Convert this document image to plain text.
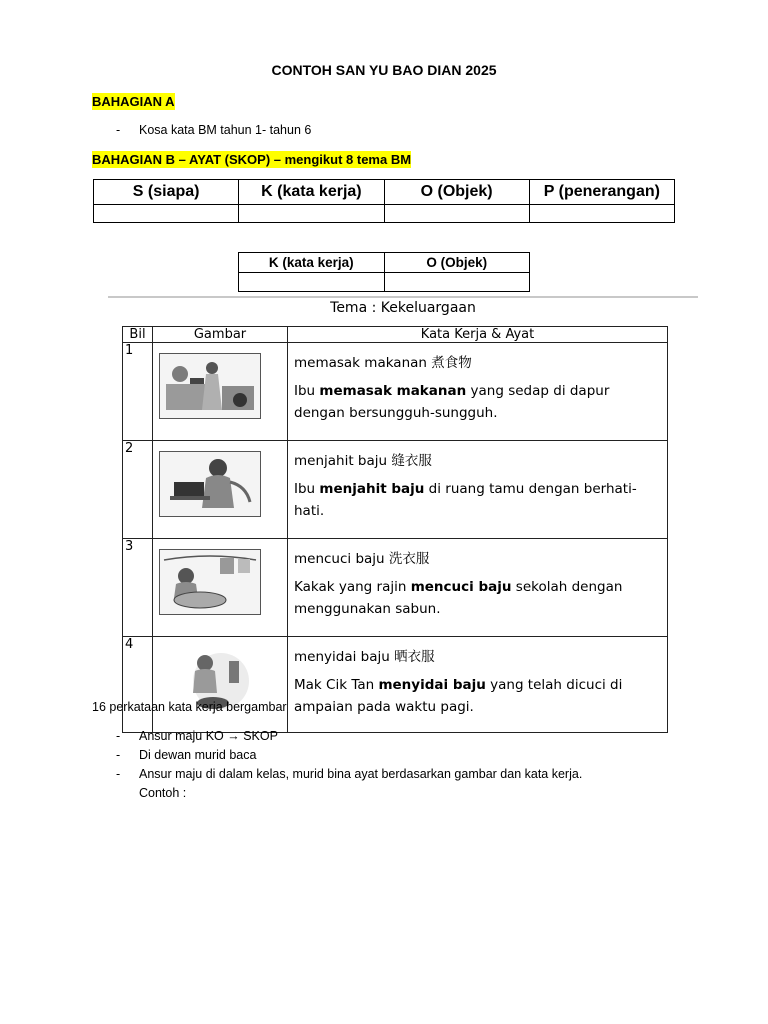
CONTOH SAN YU BAO DIAN 2025
BAHAGIAN A
-	Kosa kata BM tahun 1- tahun 6
BAHAGIAN B – AYAT (SKOP) – mengikut 8 tema BM
S (siapa)	K (kata kerja)	O (Objek)	P (penerangan)

K (kata kerja)	O (Objek)

Tema : Kekeluargaan
Bil	Gambar	Kata Kerja & Ayat
1		memasak makanan 煮食物
Ibu memasak makanan yang sedap di dapur dengan bersungguh-sungguh.
2		menjahit baju 缝衣服
Ibu menjahit baju di ruang tamu dengan berhati-hati.
3		mencuci baju 洗衣服
Kakak yang rajin mencuci baju sekolah dengan menggunakan sabun.
4		menyidai baju 晒衣服
Mak Cik Tan menyidai baju yang telah dicuci di ampaian pada waktu pagi.
16 perkataan kata kerja bergambar
-	Ansur maju KO → SKOP
-	Di dewan murid baca
-	Ansur maju di dalam kelas, murid bina ayat berdasarkan gambar dan kata kerja.
Contoh :
